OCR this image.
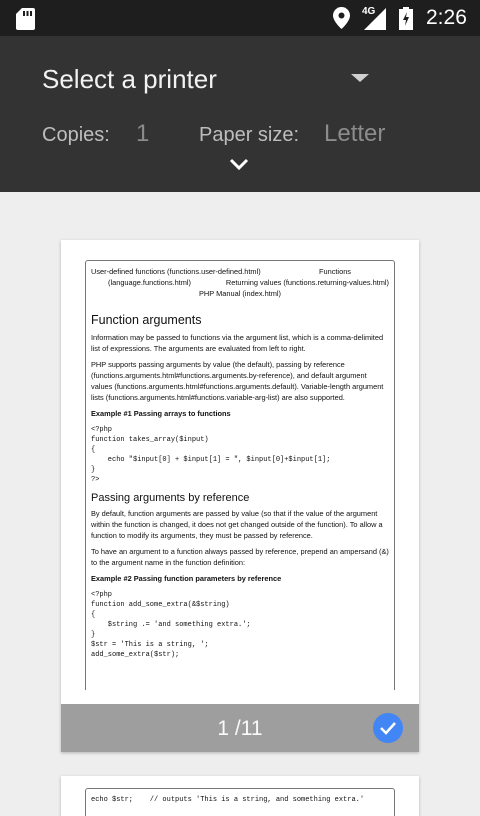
4G 2:26
Select a printer
Copies: 1 Paper size: Letter
User-defined functions (functions.user-defined.html)	Functions
(language.functions.html)	Returning values (functions.returning-values.html)
PHP Manual (index.html)
Function arguments

Information may be passed to functions via the argument list, which is a comma-delimited list of expressions. The arguments are evaluated from left to right.

PHP supports passing arguments by value (the default), passing by reference (functions.arguments.html#functions.arguments.by-reference), and default argument values (functions.arguments.html#functions.arguments.default). Variable-length argument lists (functions.arguments.html#functions.variable-arg-list) are also supported.

Example #1 Passing arrays to functions
<?php
function takes_array($input)
{
echo "$input[0] + $input[1] = ", $input[0]+$input[1];
}
?>
Passing arguments by reference

By default, function arguments are passed by value (so that if the value of the argument within the function is changed, it does not get changed outside of the function). To allow a function to modify its arguments, they must be passed by reference.

To have an argument to a function always passed by reference, prepend an ampersand (&) to the argument name in the function definition:

Example #2 Passing function parameters by reference
<?php
function add_some_extra(&$string)
{
$string .= 'and something extra.';
}
$str = 'This is a string, ';
add_some_extra($str);
1 /11
echo $str;    // outputs 'This is a string, and something extra.'
